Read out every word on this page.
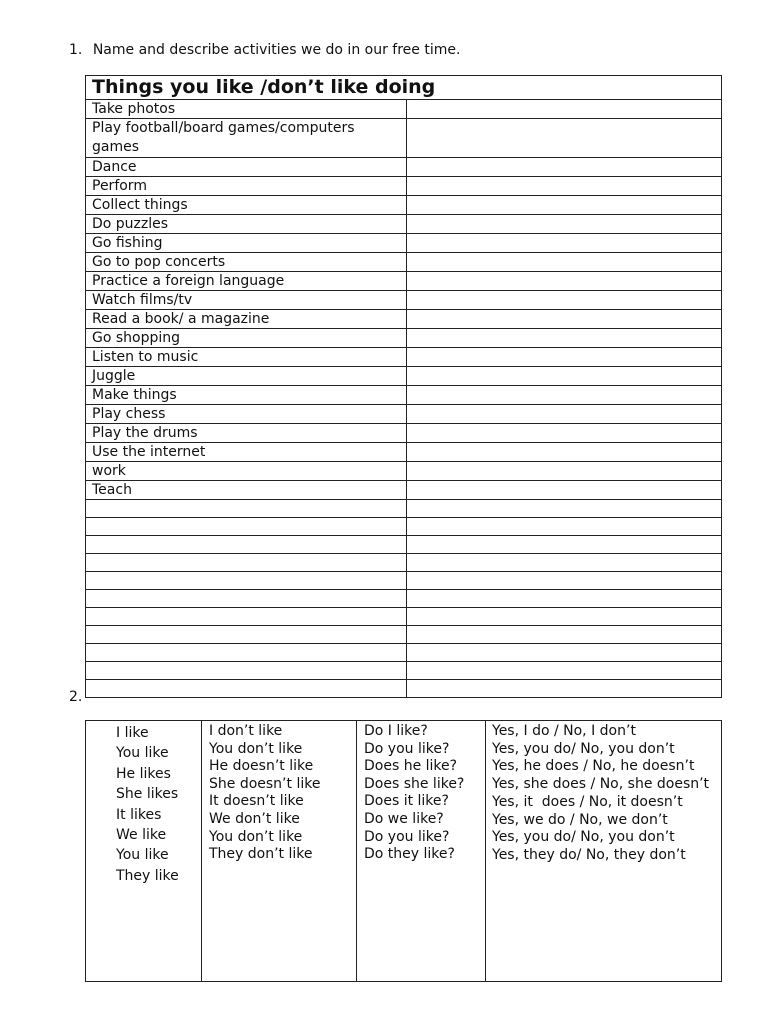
1. Name and describe activities we do in our free time.
Things you like /don’t like doing	
Take photos	
Play football/board games/computers games	
Dance	
Perform	
Collect things	
Do puzzles	
Go fishing	
Go to pop concerts	
Practice a foreign language	
Watch films/tv	
Read a book/ a magazine	
Go shopping	
Listen to music	
Juggle	
Make things	
Play chess	
Play the drums	
Use the internet	
work	
Teach	

2.
I like
You like
He likes
She likes
It likes
We like
You like
They like

I don’t like
You don’t like
He doesn’t like
She doesn’t like
It doesn’t like
We don’t like
You don’t like
They don’t like

Do I like?
Do you like?
Does he like?
Does she like?
Does it like?
Do we like?
Do you like?
Do they like?

Yes, I do / No, I don’t
Yes, you do/ No, you don’t
Yes, he does / No, he doesn’t
Yes, she does / No, she doesn’t
Yes, it  does / No, it doesn’t
Yes, we do / No, we don’t
Yes, you do/ No, you don’t
Yes, they do/ No, they don’t
